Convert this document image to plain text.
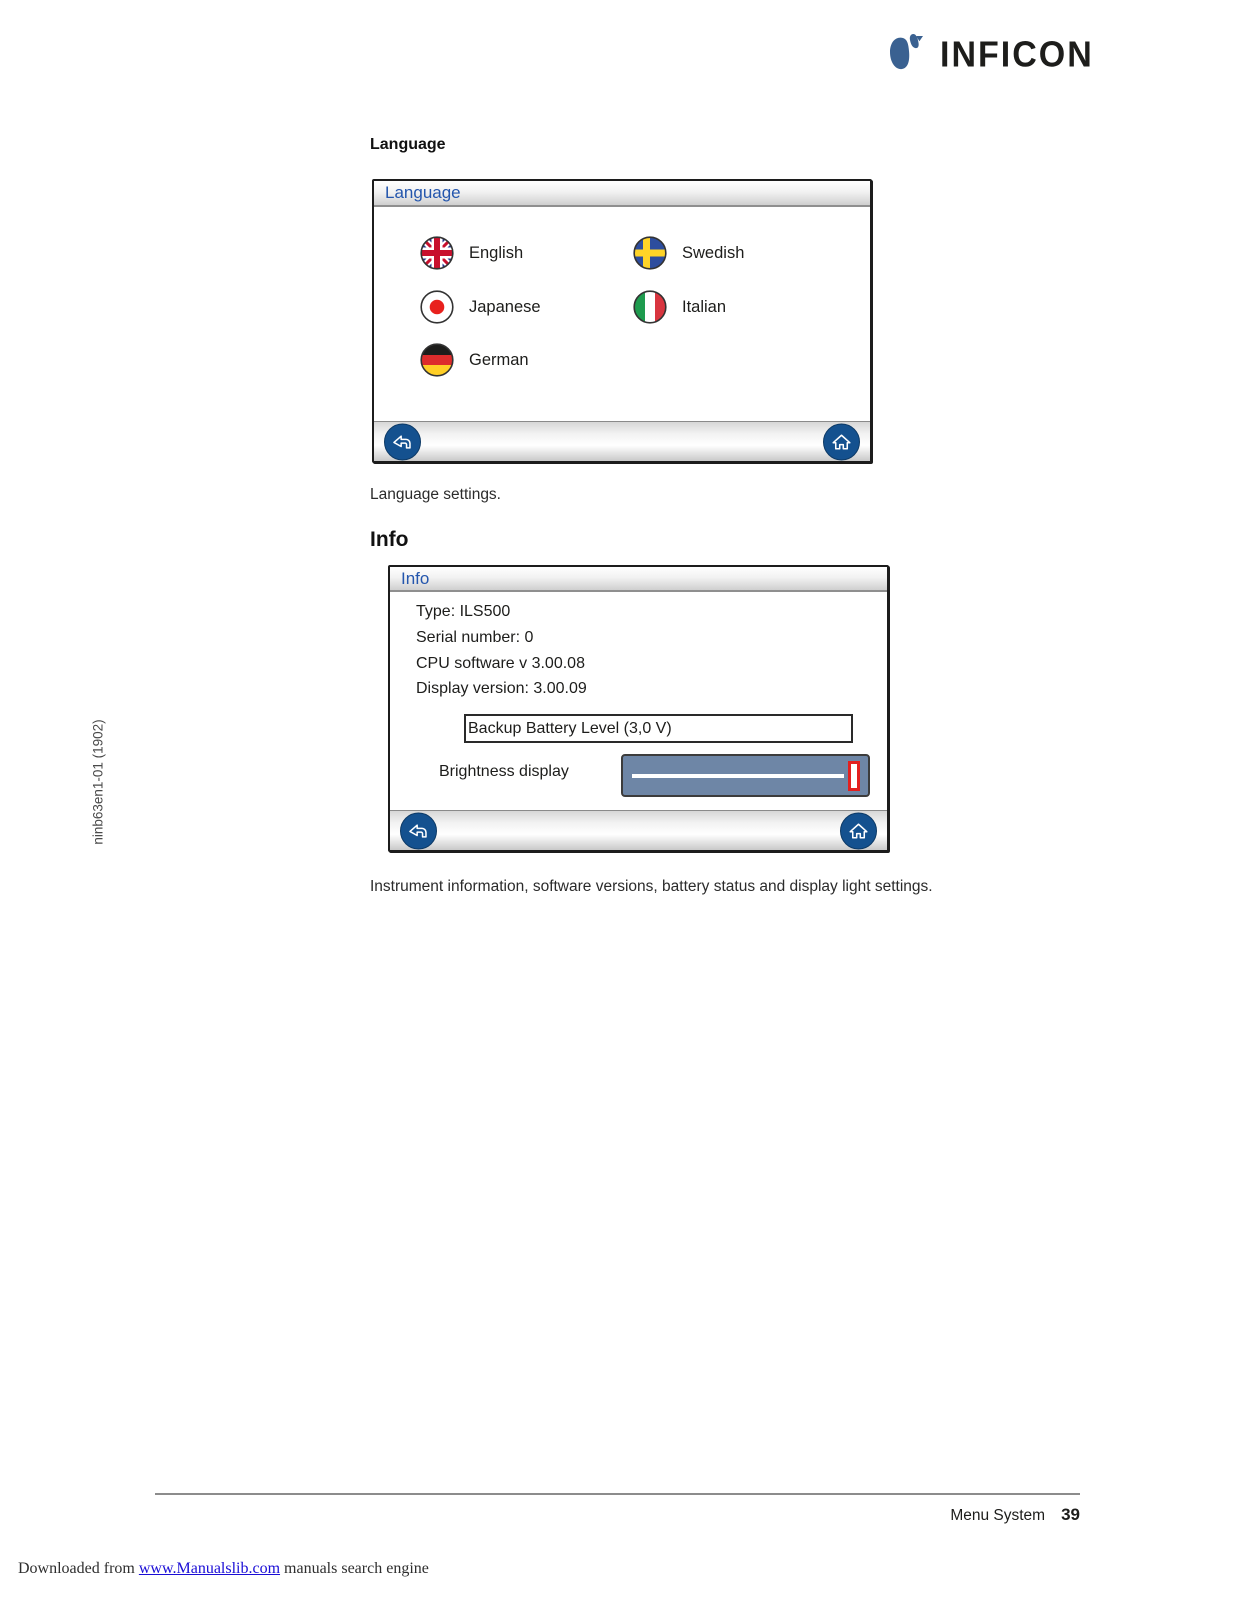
INFICON
Language
Language
English	Swedish
Japanese	Italian
German
Language settings.
Info
Info
Type: ILS500
Serial number: 0
CPU software v 3.00.08
Display version: 3.00.09
Backup Battery Level (3,0 V)
Brightness display
Instrument information, software versions, battery status and display light settings.
ninb63en1-01 (1902)
Menu System 39
Downloaded from www.Manualslib.com manuals search engine
